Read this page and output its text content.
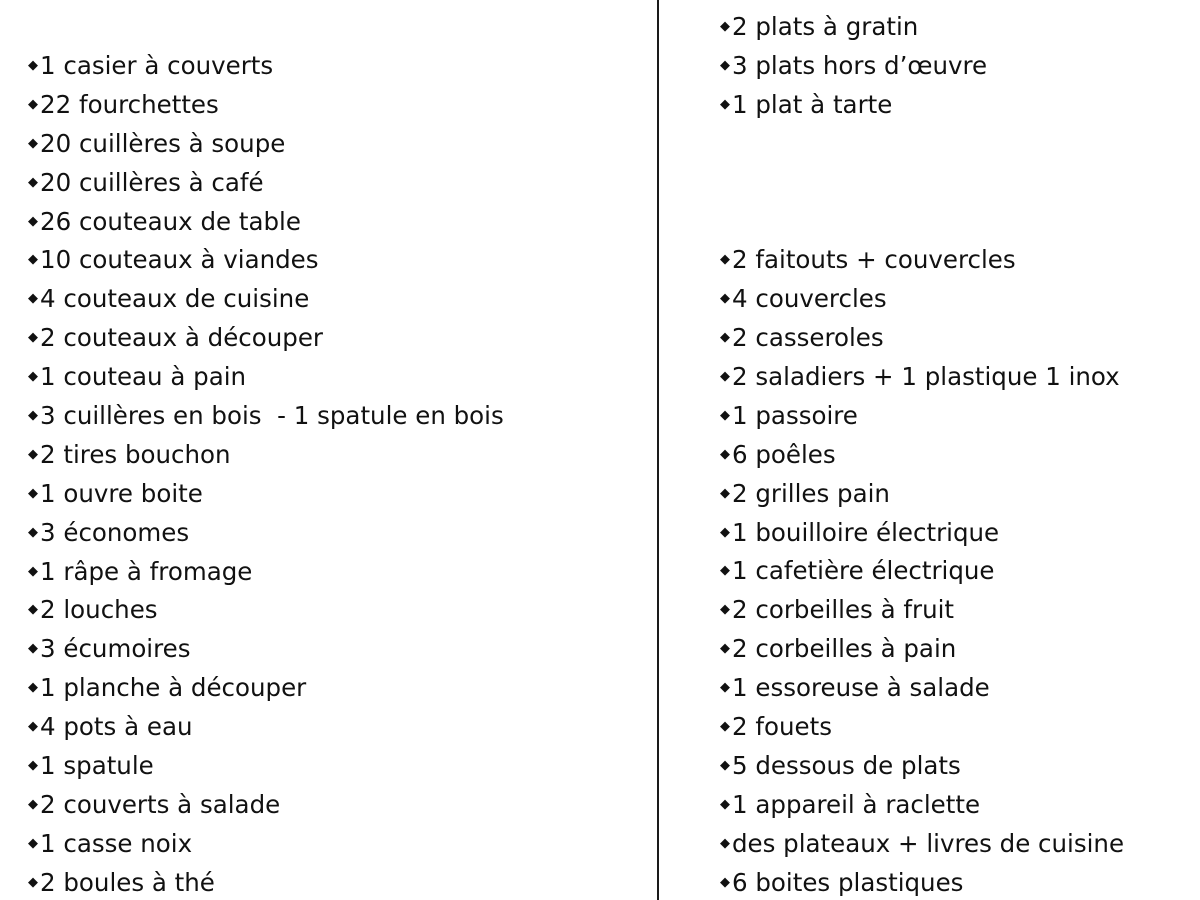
◆1 casier à couverts
◆22 fourchettes
◆20 cuillères à soupe
◆20 cuillères à café
◆26 couteaux de table
◆10 couteaux à viandes
◆4 couteaux de cuisine
◆2 couteaux à découper
◆1 couteau à pain
◆3 cuillères en bois  - 1 spatule en bois
◆2 tires bouchon
◆1 ouvre boite
◆3 économes
◆1 râpe à fromage
◆2 louches
◆3 écumoires
◆1 planche à découper
◆4 pots à eau
◆1 spatule
◆2 couverts à salade
◆1 casse noix
◆2 boules à thé
◆2 plats à gratin
◆3 plats hors d’œuvre
◆1 plat à tarte
◆2 faitouts + couvercles
◆4 couvercles
◆2 casseroles
◆2 saladiers + 1 plastique 1 inox
◆1 passoire
◆6 poêles
◆2 grilles pain
◆1 bouilloire électrique
◆1 cafetière électrique
◆2 corbeilles à fruit
◆2 corbeilles à pain
◆1 essoreuse à salade
◆2 fouets
◆5 dessous de plats
◆1 appareil à raclette
◆des plateaux + livres de cuisine
◆6 boites plastiques
